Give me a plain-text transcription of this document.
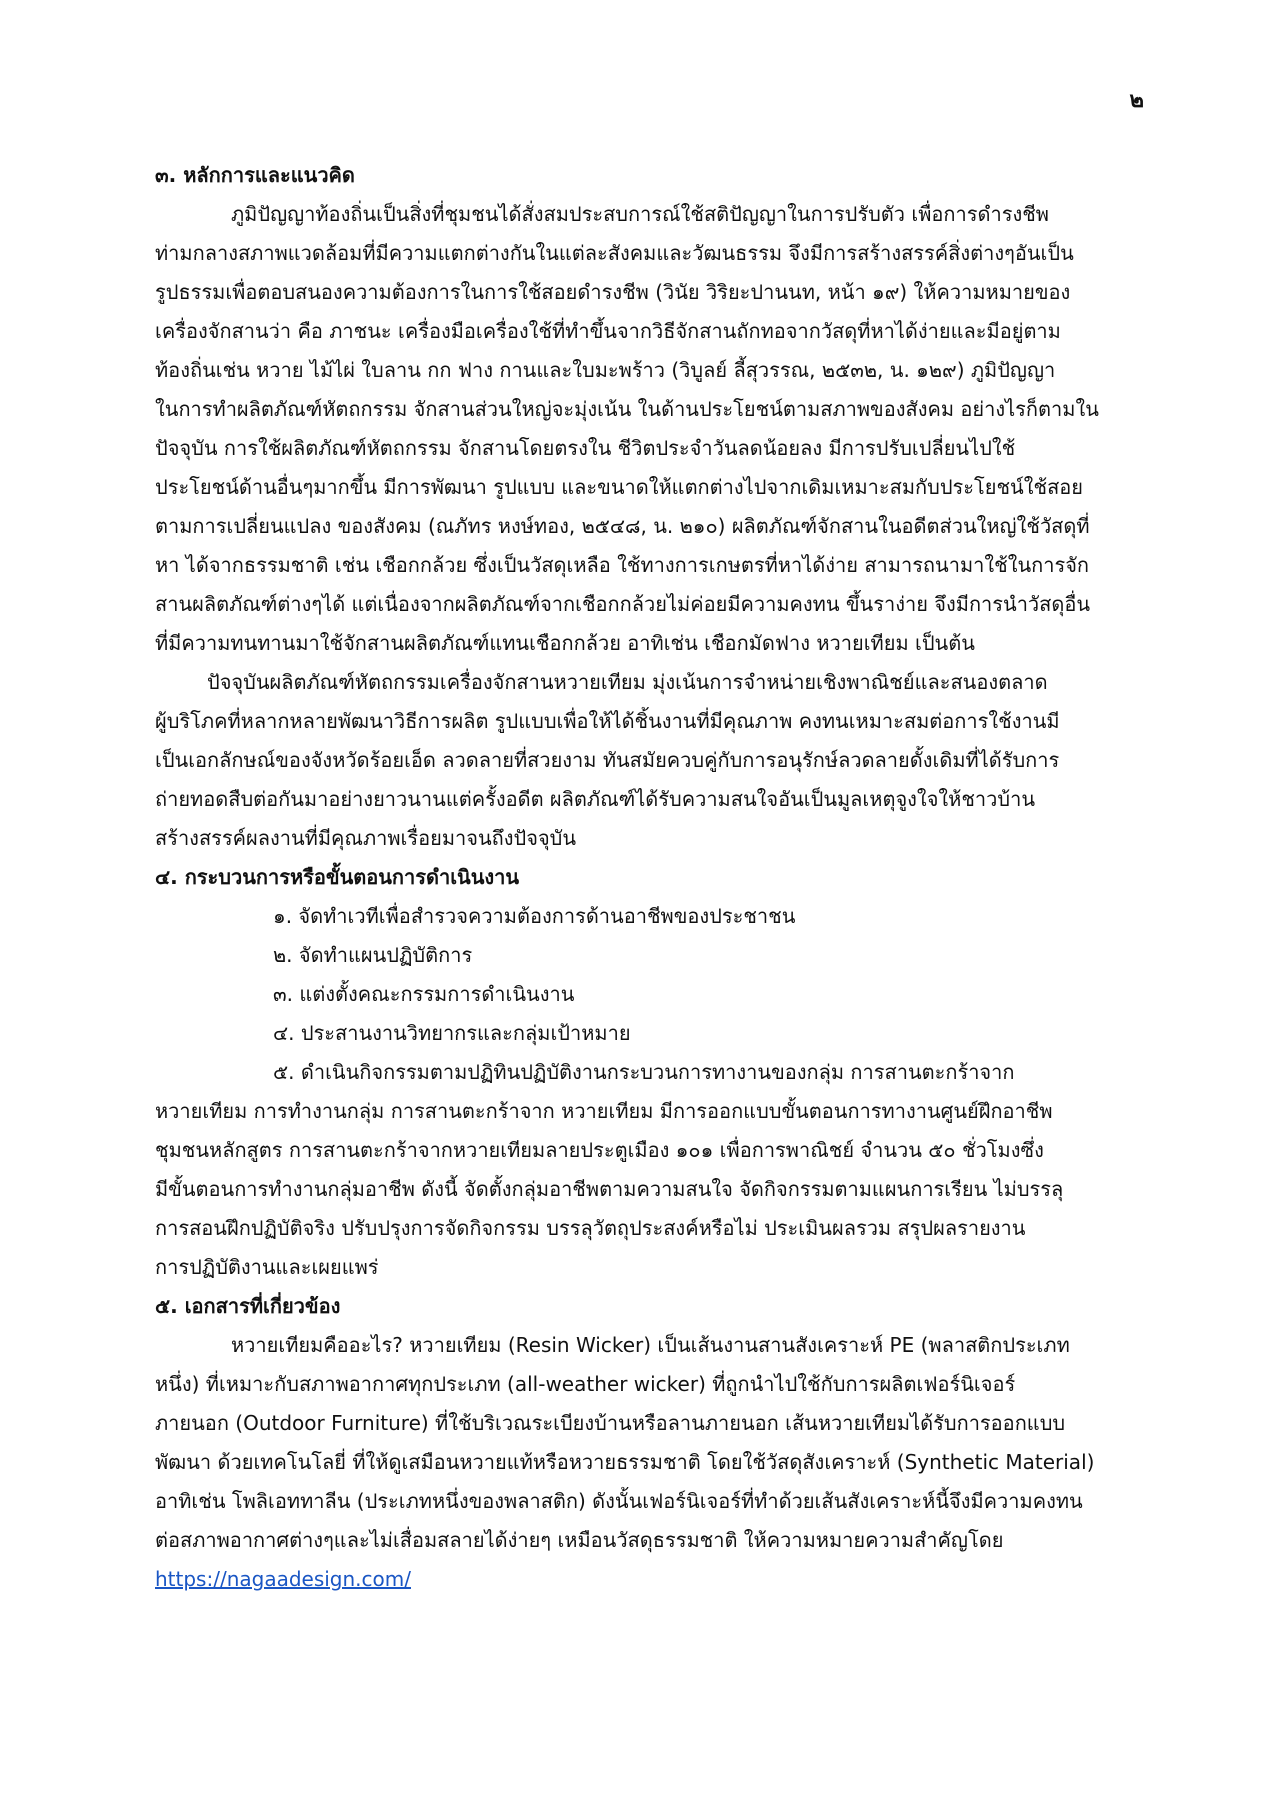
๒
๓. หลักการและแนวคิด
ภูมิปัญญาท้องถิ่นเป็นสิ่งที่ชุมชนได้สั่งสมประสบการณ์ใช้สติปัญญาในการปรับตัว เพื่อการดำรงชีพ
ท่ามกลางสภาพแวดล้อมที่มีความแตกต่างกันในแต่ละสังคมและวัฒนธรรม จึงมีการสร้างสรรค์สิ่งต่างๆอันเป็น
รูปธรรมเพื่อตอบสนองความต้องการในการใช้สอยดำรงชีพ (วินัย วิริยะปานนท, หน้า ๑๙) ให้ความหมายของ
เครื่องจักสานว่า คือ ภาชนะ เครื่องมือเครื่องใช้ที่ทำขึ้นจากวิธีจักสานถักทอจากวัสดุที่หาได้ง่ายและมีอยู่ตาม
ท้องถิ่นเช่น หวาย ไม้ไผ่ ใบลาน กก ฟาง กานและใบมะพร้าว (วิบูลย์ ลี้สุวรรณ, ๒๕๓๒, น. ๑๒๙) ภูมิปัญญา
ในการทำผลิตภัณฑ์หัตถกรรม จักสานส่วนใหญ่จะมุ่งเน้น ในด้านประโยชน์ตามสภาพของสังคม อย่างไรก็ตามใน
ปัจจุบัน การใช้ผลิตภัณฑ์หัตถกรรม จักสานโดยตรงใน ชีวิตประจำวันลดน้อยลง มีการปรับเปลี่ยนไปใช้
ประโยชน์ด้านอื่นๆมากขึ้น มีการพัฒนา รูปแบบ และขนาดให้แตกต่างไปจากเดิมเหมาะสมกับประโยชน์ใช้สอย
ตามการเปลี่ยนแปลง ของสังคม (ณภัทร หงษ์ทอง, ๒๕๔๘, น. ๒๑๐) ผลิตภัณฑ์จักสานในอดีตส่วนใหญ่ใช้วัสดุที่
หา ได้จากธรรมชาติ เช่น เชือกกล้วย ซึ่งเป็นวัสดุเหลือ ใช้ทางการเกษตรที่หาได้ง่าย สามารถนามาใช้ในการจัก
สานผลิตภัณฑ์ต่างๆได้ แต่เนื่องจากผลิตภัณฑ์จากเชือกกล้วยไม่ค่อยมีความคงทน ขึ้นราง่าย จึงมีการนำวัสดุอื่น
ที่มีความทนทานมาใช้จักสานผลิตภัณฑ์แทนเชือกกล้วย อาทิเช่น เชือกมัดฟาง หวายเทียม เป็นต้น
ปัจจุบันผลิตภัณฑ์หัตถกรรมเครื่องจักสานหวายเทียม มุ่งเน้นการจำหน่ายเชิงพาณิชย์และสนองตลาด
ผู้บริโภคที่หลากหลายพัฒนาวิธีการผลิต รูปแบบเพื่อให้ได้ชิ้นงานที่มีคุณภาพ คงทนเหมาะสมต่อการใช้งานมี
เป็นเอกลักษณ์ของจังหวัดร้อยเอ็ด ลวดลายที่สวยงาม ทันสมัยควบคู่กับการอนุรักษ์ลวดลายดั้งเดิมที่ได้รับการ
ถ่ายทอดสืบต่อกันมาอย่างยาวนานแต่ครั้งอดีต ผลิตภัณฑ์ได้รับความสนใจอันเป็นมูลเหตุจูงใจให้ชาวบ้าน
สร้างสรรค์ผลงานที่มีคุณภาพเรื่อยมาจนถึงปัจจุบัน
๔. กระบวนการหรือขั้นตอนการดำเนินงาน
๑. จัดทำเวทีเพื่อสำรวจความต้องการด้านอาชีพของประชาชน
๒. จัดทำแผนปฏิบัติการ
๓. แต่งตั้งคณะกรรมการดำเนินงาน
๔. ประสานงานวิทยากรและกลุ่มเป้าหมาย
๕. ดำเนินกิจกรรมตามปฏิทินปฏิบัติงานกระบวนการทางานของกลุ่ม การสานตะกร้าจาก
หวายเทียม การทำงานกลุ่ม การสานตะกร้าจาก หวายเทียม มีการออกแบบขั้นตอนการทางานศูนย์ฝึกอาชีพ
ชุมชนหลักสูตร การสานตะกร้าจากหวายเทียมลายประตูเมือง ๑๐๑ เพื่อการพาณิชย์ จำนวน ๕๐ ชั่วโมงซึ่ง
มีขั้นตอนการทำงานกลุ่มอาชีพ ดังนี้ จัดตั้งกลุ่มอาชีพตามความสนใจ จัดกิจกรรมตามแผนการเรียน ไม่บรรลุ
การสอนฝึกปฏิบัติจริง ปรับปรุงการจัดกิจกรรม บรรลุวัตถุประสงค์หรือไม่ ประเมินผลรวม สรุปผลรายงาน
การปฏิบัติงานและเผยแพร่
๕. เอกสารที่เกี่ยวข้อง
หวายเทียมคืออะไร? หวายเทียม (Resin Wicker) เป็นเส้นงานสานสังเคราะห์ PE (พลาสติกประเภท
หนึ่ง) ที่เหมาะกับสภาพอากาศทุกประเภท (all-weather wicker) ที่ถูกนำไปใช้กับการผลิตเฟอร์นิเจอร์
ภายนอก (Outdoor Furniture) ที่ใช้บริเวณระเบียงบ้านหรือลานภายนอก เส้นหวายเทียมได้รับการออกแบบ
พัฒนา ด้วยเทคโนโลยี่ ที่ให้ดูเสมือนหวายแท้หรือหวายธรรมชาติ โดยใช้วัสดุสังเคราะห์ (Synthetic Material)
อาทิเช่น โพลิเอททาลีน (ประเภทหนึ่งของพลาสติก) ดังนั้นเฟอร์นิเจอร์ที่ทำด้วยเส้นสังเคราะห์นี้จึงมีความคงทน
ต่อสภาพอากาศต่างๆและไม่เสื่อมสลายได้ง่ายๆ เหมือนวัสดุธรรมชาติ ให้ความหมายความสำคัญโดย
https://nagaadesign.com/
